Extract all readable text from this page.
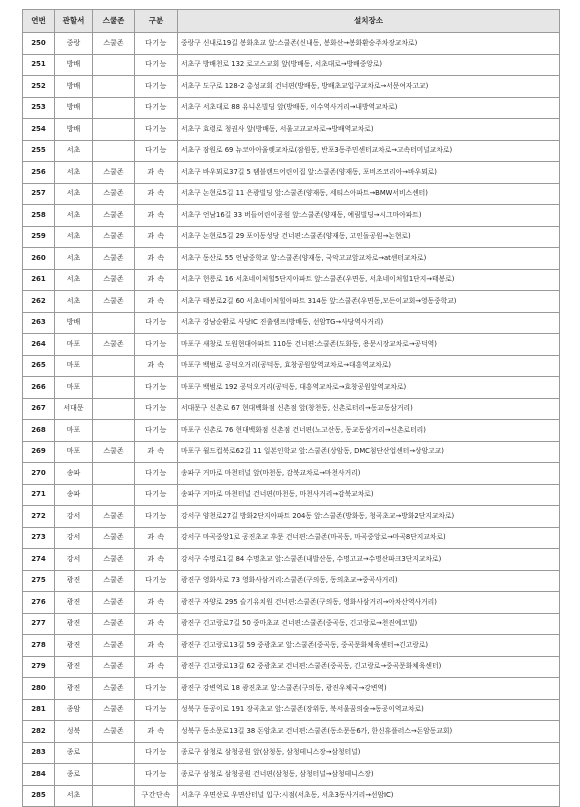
연번	관할서	스쿨존	구분	설치장소
250	중랑	스쿨존	다기능	중랑구 신내로19길 봉화초교 앞:스쿨존(신내동, 봉화산→봉화환승주차장교차로)
251	방배		다기능	서초구 방배천로 132 로고스교회 앞(방배동, 서초대로→방배중앙로)
252	방배		다기능	서초구 도구로 128-2 총성교회 건너편(방배동, 방배초교입구교차로→서문여자고교)
253	방배		다기능	서초구 서초대로 88 유니온빌딩 앞(방배동, 이수역사거리→내방역교차로)
254	방배		다기능	서초구 효령로 청권사 앞(방배동, 서울고교교차로→방배역교차로)
255	서초		다기능	서초구 잠원로 69 뉴코아아울렛교차로(잠원동, 반포3동주민센터교차로→고속터미널교차로)
256	서초	스쿨존	과 속	서초구 바우뫼로37길 5 탬블랜드어린이집 앞:스쿨존(양재동, 포비즈코리아→바우뫼로)
257	서초	스쿨존	과 속	서초구 논현로5길 11 은광빌딩 앞:스쿨존(양재동, 세티스아파트→BMW서비스센터)
258	서초	스쿨존	과 속	서초구 언남16길 33 버들어린이공원 앞:스쿨존(양재동, 예림빌딩→시그마아파트)
259	서초	스쿨존	과 속	서초구 논현로5길 29 포이동성당 건너편:스쿨존(양재동, 고인돌공원→논현로)
260	서초	스쿨존	과 속	서초구 동산로 55 언남중학교 앞:스쿨존(양재동, 국악고교앞교차로→at센터교차로)
261	서초	스쿨존	과 속	서초구 헌릉로 16 서초네이처힐5단지아파트 앞:스쿨존(우면동, 서초네이처힐1단지→태봉로)
262	서초	스쿨존	과 속	서초구 태봉로2길 60 서초네이처힐아파트 314동 앞:스쿨존(우면동,모든이교회→영동중학교)
263	방배		다기능	서초구 강남순환로 사당IC 진출램프(방배동, 선암TG→사당역사거리)
264	마포	스쿨존	다기능	마포구 새창로 도원현대아파트 110동 건너편:스쿨존(도화동, 용문시장교차로→공덕역)
265	마포		과 속	마포구 백범로 공덕오거리(공덕동, 효창공원앞역교차로→대흥역교차로)
266	마포		다기능	마포구 백범로 192 공덕오거리(공덕동, 대흥역교차로→효창공원앞역교차로)
267	서대문		다기능	서대문구 신촌로 67 현대백화점 신촌점 앞(창천동, 신촌로터리→동교동삼거리)
268	마포		다기능	마포구 신촌로 76 현대백화점 신촌점 건너편(노고산동, 동교동삼거리→신촌로터리)
269	마포	스쿨존	과 속	마포구 월드컵북로62길 11 일본인학교 앞:스쿨존(상암동, DMC첨단산업센터→상암고교)
270	송파		다기능	송파구 거마로 마천터널 앞(마천동, 감북교차로→마천사거리)
271	송파		다기능	송파구 거마로 마천터널 건너편(마천동, 마천사거리→감북교차로)
272	강서	스쿨존	다기능	강서구 양천로27길 방화2단지아파트 204동 앞:스쿨존(방화동, 청곡초교→방화2단지교차로)
273	강서	스쿨존	과 속	강서구 마곡중앙1로 공진초교 후문 건너편:스쿨존(마곡동, 마곡중앙로→마곡8단지교차로)
274	강서	스쿨존	과 속	강서구 수명로1길 84 수명초교 앞:스쿨존(내발산동, 수명고교→수명산파크3단지교차로)
275	광진	스쿨존	다기능	광진구 영화사로 73 영화사삼거리:스쿨존(구의동, 동의초교→중곡사거리)
276	광진	스쿨존	과 속	광진구 자양로 295 슬기유치원 건너편:스쿨존(구의동, 영화사삼거리→아차산역사거리)
277	광진	스쿨존	과 속	광진구 긴고랑로7길 50 중마초교 건너편:스쿨존(중곡동, 긴고랑로→천진예코빌)
278	광진	스쿨존	과 속	광진구 긴고랑로13길 59 중광초교 앞:스쿨존(중곡동, 중곡문화체육센터→긴고랑로)
279	광진	스쿨존	과 속	광진구 긴고랑로13길 62 중광초교 건너편:스쿨존(중곡동, 긴고랑로→중곡문화체육센터)
280	광진	스쿨존	다기능	광진구 강변역로 18 광진초교 앞:스쿨존(구의동, 광진우체국→강변역)
281	종암	스쿨존	다기능	성북구 동공이로 191 장곡초교 앞:스쿨존(장위동, 북서울꿈의숲→동공이역교차로)
282	성북	스쿨존	과 속	성북구 동소문로13길 38 돈암초교 건너편:스쿨존(동소문동6가, 한신휴플러스→돈암동교회)
283	종로		다기능	종로구 삼청로 삼청공원 앞(삼청동, 삼청테니스장→삼청터널)
284	종로		다기능	종로구 삼청로 삼청공원 건너편(삼청동, 삼청터널→삼청테니스장)
285	서초		구간단속	서초구 우면산로 우면산터널 입구:시점(서초동, 서초3동사거리→선암IC)
